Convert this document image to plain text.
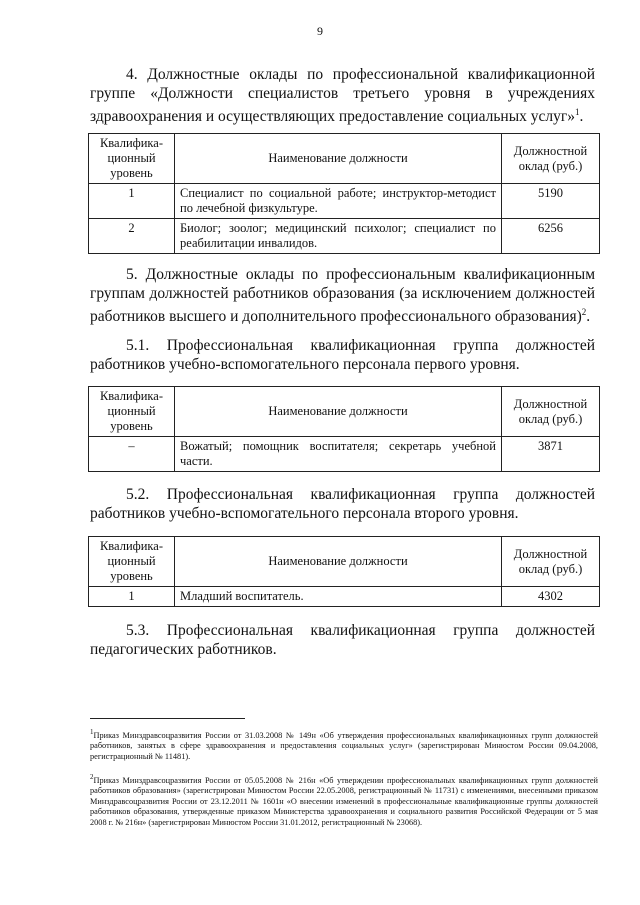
9
4. Должностные оклады по профессиональной квалификационной группе «Должности специалистов третьего уровня в учреждениях здравоохранения и осуществляющих предоставление социальных услуг»$^1$.
Квалифика-ционный уровень	Наименование должности	Должностной оклад (руб.)
1	Специалист по социальной работе; инструктор-методист по лечебной физкультуре.	5190
2	Биолог; зоолог; медицинский психолог; специалист по реабилитации инвалидов.	6256
5. Должностные оклады по профессиональным квалификационным группам должностей работников образования (за исключением должностей работников высшего и дополнительного профессионального образования)$^2$.
5.1. Профессиональная квалификационная группа должностей работников учебно-вспомогательного персонала первого уровня.
Квалифика-ционный уровень	Наименование должности	Должностной оклад (руб.)
–	Вожатый; помощник воспитателя; секретарь учебной части.	3871
5.2. Профессиональная квалификационная группа должностей работников учебно-вспомогательного персонала второго уровня.
Квалифика-ционный уровень	Наименование должности	Должностной оклад (руб.)
1	Младший воспитатель.	4302
5.3. Профессиональная квалификационная группа должностей педагогических работников.
$^1$Приказ Минздравсоцразвития России от 31.03.2008 № 149н «Об утверждения профессиональных квалификационных групп должностей работников, занятых в сфере здравоохранения и предоставления социальных услуг» (зарегистрирован Минюстом России 09.04.2008, регистрационный № 11481).
$^2$Приказ Минздравсоцразвития России от 05.05.2008 № 216н «Об утверждении профессиональных квалификационных групп должностей работников образования» (зарегистрирован Минюстом России 22.05.2008, регистрационный № 11731) с изменениями, внесенными приказом Минздравсоцразвития России от 23.12.2011 № 1601н «О внесении изменений в профессиональные квалификационные группы должностей работников образования, утвержденные приказом Министерства здравоохранения и социального развития Российской Федерации от 5 мая 2008 г. № 216н» (зарегистрирован Минюстом России 31.01.2012, регистрационный № 23068).
